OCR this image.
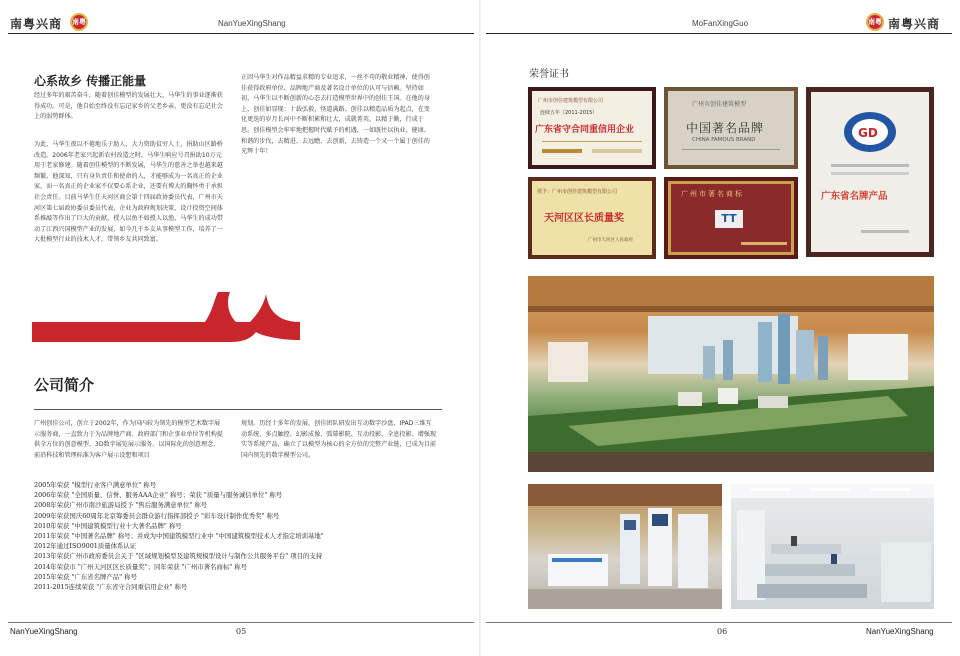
南粤兴商 南粤	NanYueXingShang
心系故乡 传播正能量
经过多年的艰苦奋斗，随着创佳模型的发展壮大，马华生的事业逐渐获得成功。可是，他自始至终没有忘记家乡的父老乡亲，更没有忘记社会上的弱势群体。
为此，马华生夜以不倦地乐于助人，大力资助贫穷人士，捐助山区路桥改造。2006年老家兴起新农村改造之时，马华生响应号召捐助10万元用于老家修建。随着创佳模型的不断发展，马华生的慈善之举也越来越频繁。他深知，只有身负责任和使命的人，才能够成为一名真正的企业家，而一名真正的企业家不仅要心系企业，还要有博大的胸怀勇于承担社会责任。目前马华生任天河区商会第十四届政协委员代表，广州市天河区第七届政协委员委员代表，企业为政府规划决策、设计投资空间体系推敲等作出了巨大的贡献。授人以鱼不如授人以渔，马华生的成功带动了江西兴国模型产业的发展，如今几千乡友从事模型工作，培养了一大批模型行业的技术人才，带领乡友共同致富。
正因马华生对作品精益求精的专业追求，一丝不苟的敬业精神，使得创佳获得政府单位、品牌地产商及著名设计单位的认可与信赖。坚持如初，马华生以不断创新的心态去打造模型世界中的创佳王国。在他的身上，创佳如显现：十载弘毅，怪道满路。创佳以精造品质为起点，在变化更迭的岁月长河中不断积累和壮大，成就菁英，以精于勤，行成于思。创佳模型会牢牢地把握时代赋予的机遇，一如既往以执业、健康、和谐的步伐，去精进、去远瞻、去创新，去铸造一个又一个属于创佳的光辉十年！
公司简介
广州创佳公司，创立于2002年，作为国内较为领先的模型艺术数字展示服务商，一直致力于为品牌地产商、政府部门和企事业单位等机构提供全方位的创意模型、3D数字展览展示服务。以国际化的创意理念、前沿科技和管理标准为客户展示设想和项目
规划。历经十多年的发展，创佳团队研发出互动数字沙盘、IPAD三维互动系统、多点触控、幻影成像、弧幕影院、互动投影、全息投影、增强现实等系统产品，确立了以模型为核心的全方位的完整产业链，已成为目前国内领先的数字模型公司。
2005年荣获 "模型行业客户满意单位" 称号
2006年荣获 "全国质量、信誉、服务AAA企业" 称号；荣获 "质量与服务诚信单位" 称号
2008年荣获广州市南沙旅游局授予 "售后服务满意单位" 称号
2009年荣获国庆60周年北京筹委员会群众游行指挥部授予 "彩车设计制作优秀奖" 称号
2010年荣获 "中国建筑模型行业十大著名品牌" 称号
2011年荣获 "中国著名品牌" 称号；并成为中国建筑模型行业中 "中国建筑模型技术人才指定培训基地"
2012年通过ISO9001质量体系认证
2013年荣获广州市政府委员会关于 "区域规划模型及建筑规模型设计与制作公共服务平台" 项目的支持
2014年荣获市 "广州天河区区长质量奖"；同年荣获 "广州市著名商标" 称号
2015年荣获 "广东省名牌产品" 称号
2011-2015连续荣获 "广东省守合同重信用企业" 称号
NanYueXingShang	05
MoFanXingGuo	南粤 南粤兴商
荣誉证书
广州市创佳建筑模型有限公司
连续五年（2011-2015）
广东省守合同重信用企业
广州市创佳建筑模型
中国著名品牌
CHINA FAMOUS BRAND	GD
广东省名牌产品
授予：广州市创佳建筑模型有限公司
天河区区长质量奖
广州市天河区人民政府
广州市著名商标
TT
06	NanYueXingShang
